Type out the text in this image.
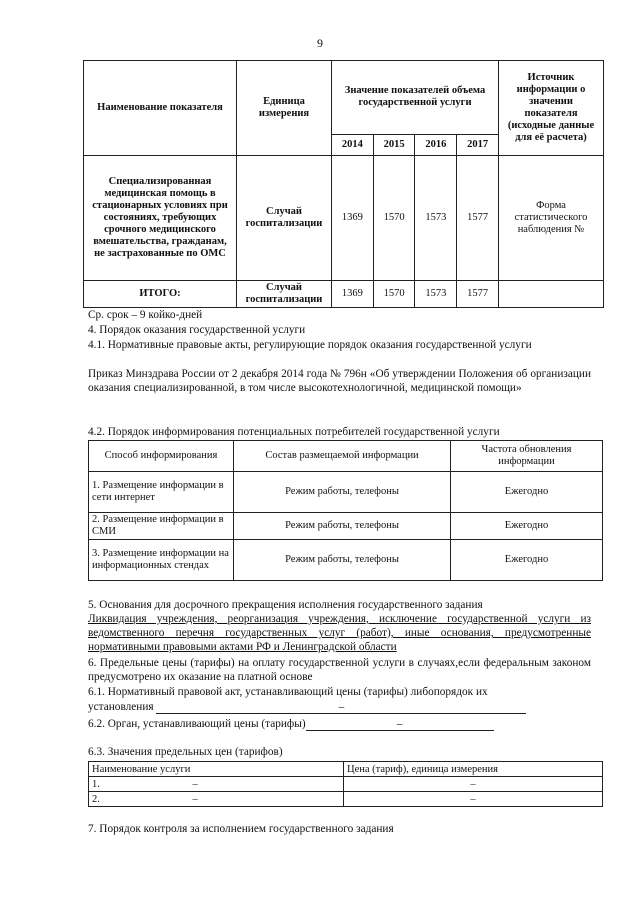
9
Наименование показателя	Единица измерения	Значение показателей объема государственной услуги				Источник информации о значении показателя (исходные данные для её расчета)
		2014	2015	2016	2017	
Специализированная медицинская помощь в стационарных условиях при состояниях, требующих срочного медицинского вмешательства, гражданам, не застрахованные по ОМС	Случай госпитализации	1369	1570	1573	1577	Форма статистического наблюдения №
ИТОГО:	Случай госпитализации	1369	1570	1573	1577	
Ср. срок – 9 койко-дней
4. Порядок оказания государственной услуги
4.1. Нормативные правовые акты, регулирующие порядок оказания государственной услуги
Приказ Минздрава России от 2 декабря 2014 года № 796н «Об утверждении Положения об организации оказания специализированной, в том числе высокотехнологичной, медицинской помощи»
4.2. Порядок информирования потенциальных потребителей государственной услуги
Способ информирования	Состав размещаемой информации	Частота обновления информации
1. Размещение информации в сети интернет	Режим работы, телефоны	Ежегодно
2. Размещение информации в СМИ	Режим работы, телефоны	Ежегодно
3. Размещение информации на информационных стендах	Режим работы, телефоны	Ежегодно
5. Основания для досрочного прекращения исполнения государственного задания
Ликвидация учреждения, реорганизация учреждения, исключение государственной услуги из ведомственного перечня государственных услуг (работ), иные основания, предусмотренные нормативными правовыми актами РФ и Ленинградской области
6. Предельные цены (тарифы) на оплату государственной услуги в случаях,если федеральным законом предусмотрено их оказание на платной основе
6.1. Нормативный правовой акт, устанавливающий цены (тарифы) либопорядок их
установления	–
6.2. Орган, устанавливающий цены (тарифы)	–
6.3. Значения предельных цен (тарифов)
Наименование услуги	Цена (тариф), единица измерения
1. –	–
2. –	–
7. Порядок контроля за исполнением государственного задания
